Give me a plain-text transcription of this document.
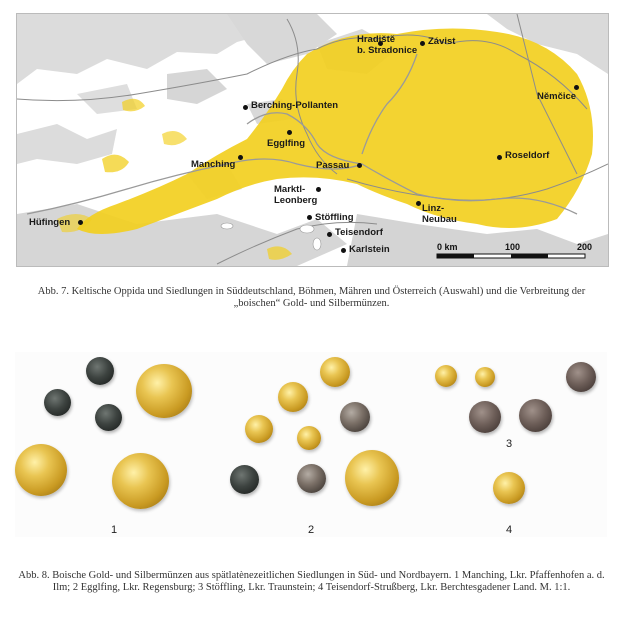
Hradiště
b. Stradonice
Závist
Němčice
Berching-Pollanten
Egglfing
Manching	Passau
Roseldorf
Marktl-
Leonberg
Linz-
Neubau
Stöffling
Teisendorf
Karlstein
Hüfingen
0 km	100	200
Abb. 7. Keltische Oppida und Siedlungen in Süddeutschland, Böhmen, Mähren und Österreich (Auswahl) und die Verbreitung der „boischen“ Gold- und Silbermünzen.
1	2
3
4
Abb. 8. Boische Gold- und Silbermünzen aus spätlatènezeitlichen Siedlungen in Süd- und Nordbayern. 1 Manching, Lkr. Pfaffenhofen a. d. Ilm; 2 Egglfing, Lkr. Regensburg; 3 Stöffling, Lkr. Traunstein; 4 Teisendorf-Strußberg, Lkr. Berchtesgadener Land. M. 1:1.
